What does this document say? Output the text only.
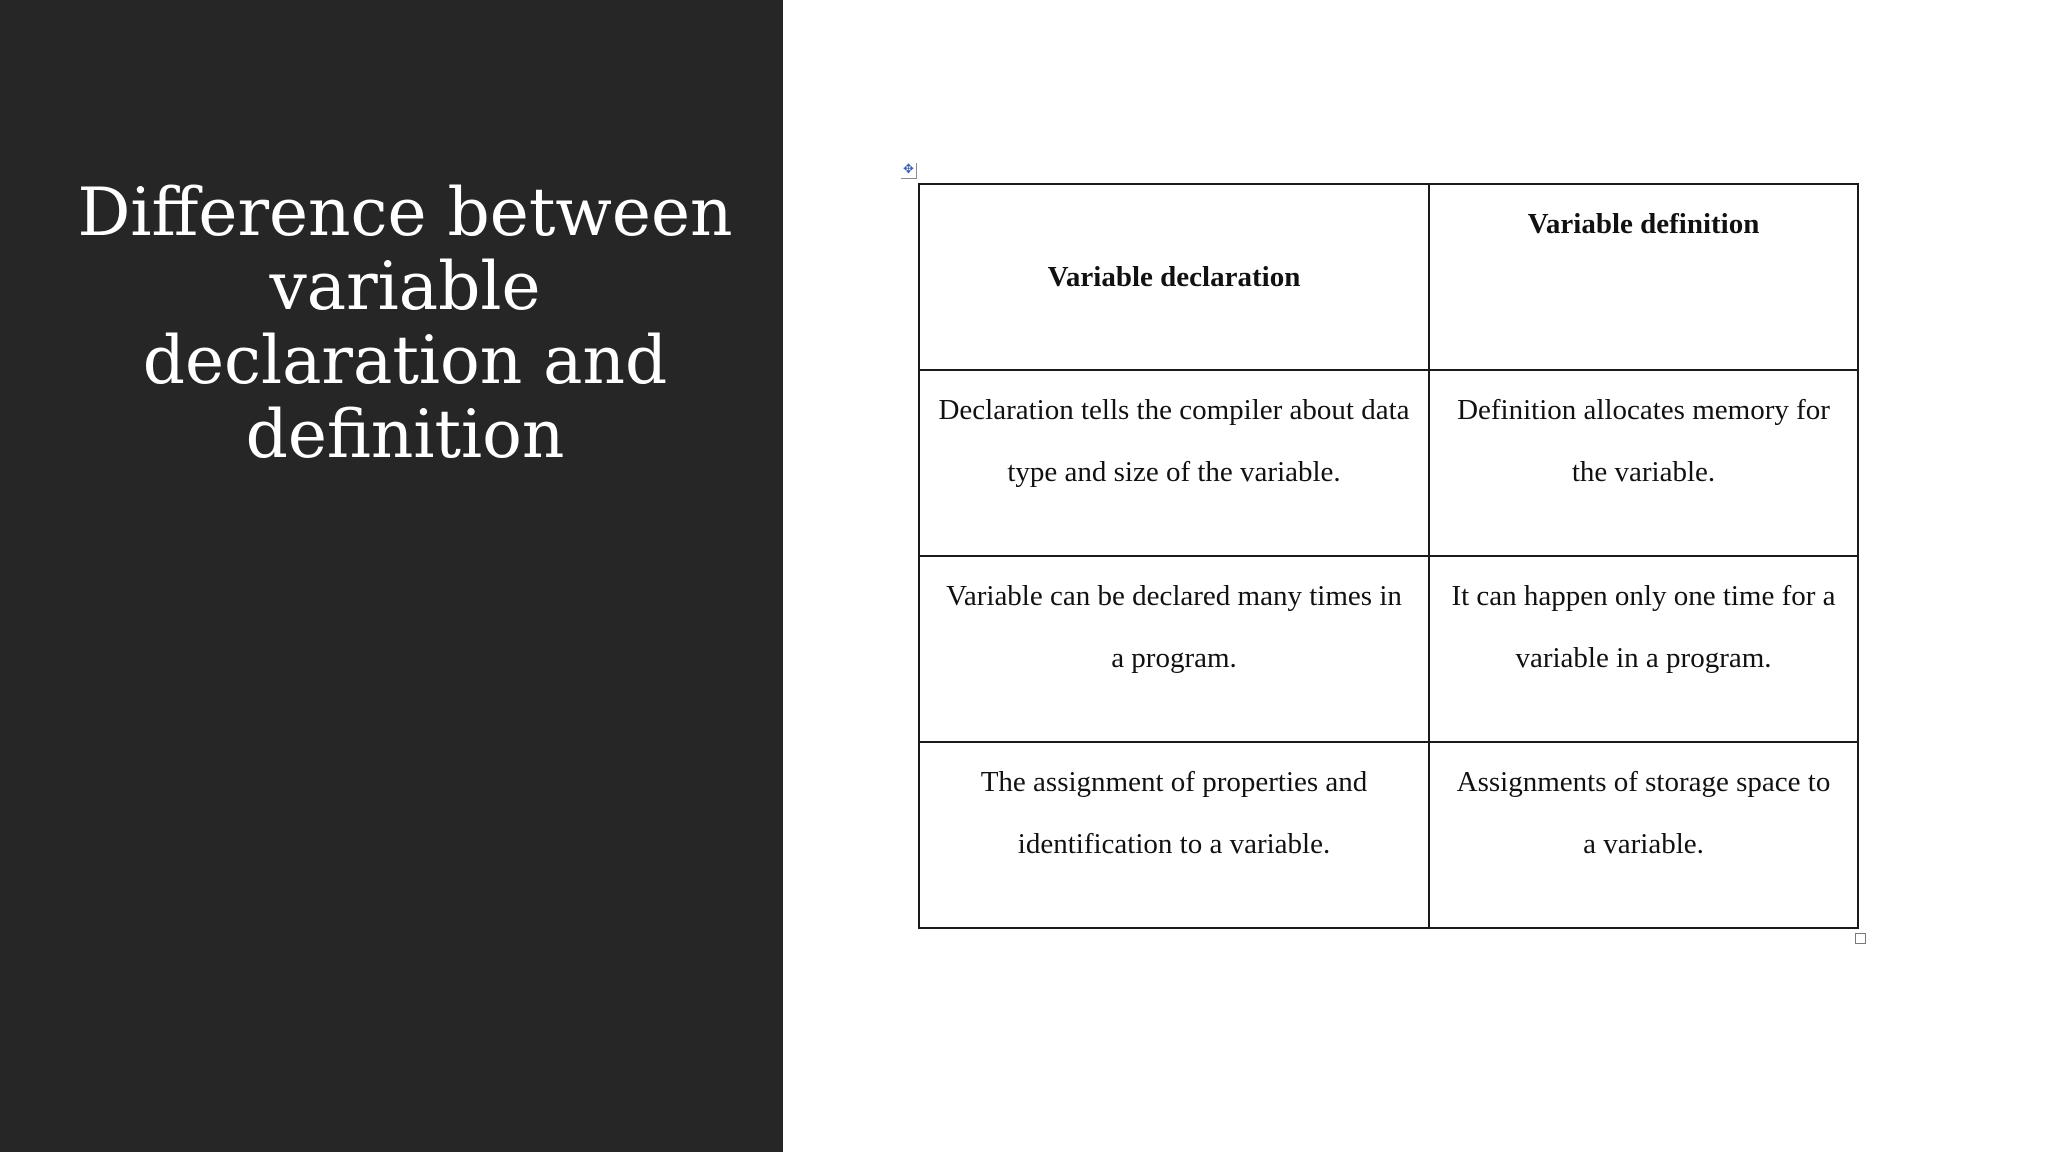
Difference between variable declaration and definition
✥
Variable declaration	Variable definition
Declaration tells the compiler about data type and size of the variable.	Definition allocates memory for the variable.
Variable can be declared many times in a program.	It can happen only one time for a variable in a program.
The assignment of properties and identification to a variable.	Assignments of storage space to a variable.
